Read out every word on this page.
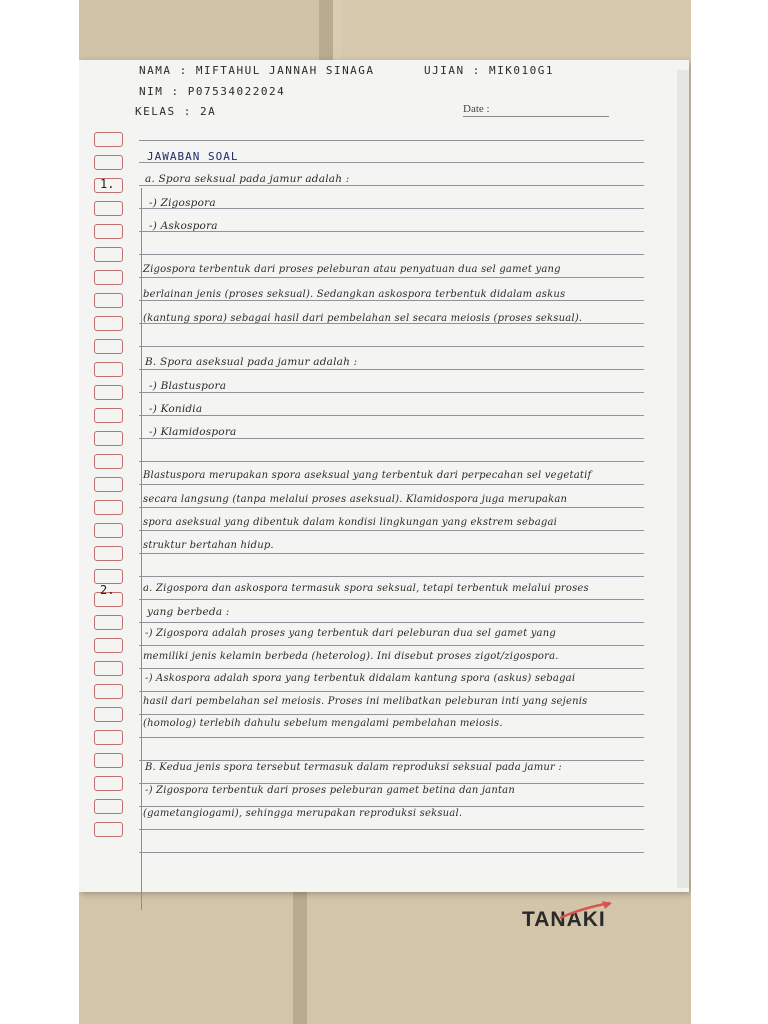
1.
2.
NAMA : MIFTAHUL JANNAH SINAGA
NIM : P07534022024
KELAS : 2A
UJIAN : MIK010G1
JAWABAN SOAL
a. Spora seksual pada jamur adalah :
-) Zigospora
-) Askospora
Zigospora terbentuk dari proses peleburan atau penyatuan dua sel gamet yang
berlainan jenis (proses seksual). Sedangkan askospora terbentuk didalam askus
(kantung spora) sebagai hasil dari pembelahan sel secara meiosis (proses seksual).
B. Spora aseksual pada jamur adalah :
-) Blastuspora
-) Konidia
-) Klamidospora
Blastuspora merupakan spora aseksual yang terbentuk dari perpecahan sel vegetatif
secara langsung (tanpa melalui proses aseksual). Klamidospora juga merupakan
spora aseksual yang dibentuk dalam kondisi lingkungan yang ekstrem sebagai
struktur bertahan hidup.
a. Zigospora dan askospora termasuk spora seksual, tetapi terbentuk melalui proses
yang berbeda :
-) Zigospora adalah proses yang terbentuk dari peleburan dua sel gamet yang
memiliki jenis kelamin berbeda (heterolog). Ini disebut proses zigot/zigospora.
-) Askospora adalah spora yang terbentuk didalam kantung spora (askus) sebagai
hasil dari pembelahan sel meiosis. Proses ini melibatkan peleburan inti yang sejenis
(homolog) terlebih dahulu sebelum mengalami pembelahan meiosis.
B. Kedua jenis spora tersebut termasuk dalam reproduksi seksual pada jamur :
-) Zigospora terbentuk dari proses peleburan gamet betina dan jantan
(gametangiogami), sehingga merupakan reproduksi seksual.
TANAKI
Date :
